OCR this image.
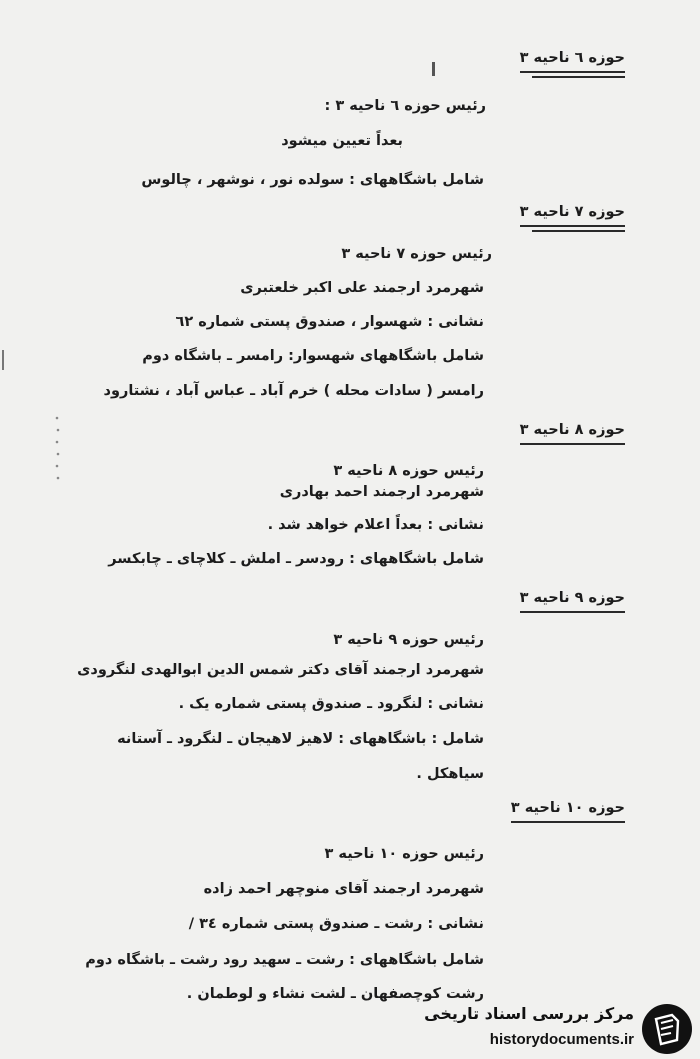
حوزه ٦ ناحیه ۳
رئیس حوزه ٦ ناحیه ۳ :
بعداً تعیین میشود
شامل باشگاههای : سولده نور ، نوشهر ، چالوس
حوزه ۷ ناحیه ۳
رئیس حوزه ۷ ناحیه ۳
شهرمرد ارجمند علی اکبر خلعتبری
نشانی : شهسوار ، صندوق پستی شماره ٦۲
شامل باشگاههای شهسوار: رامسر ـ باشگاه دوم
رامسر ( سادات محله ) خرم آباد ـ عباس آباد ، نشتارود
حوزه ۸ ناحیه ۳
رئیس حوزه ۸ ناحیه ۳
شهرمرد ارجمند احمد بهادری
نشانی : بعداً اعلام خواهد شد .
شامل باشگاههای : رودسر ـ املش ـ کلاچای ـ چابکسر
حوزه ۹ ناحیه ۳
رئیس حوزه ۹ ناحیه ۳
شهرمرد ارجمند آقای دکتر شمس الدین ابوالهدی لنگرودی
نشانی : لنگرود ـ صندوق پستی شماره یک .
شامل : باشگاههای : لاهیز لاهیجان ـ لنگرود ـ آستانه
سیاهکل .
حوزه ۱۰ ناحیه ۳
رئیس حوزه ۱۰ ناحیه ۳
شهرمرد ارجمند آقای منوچهر احمد زاده
نشانی : رشت ـ صندوق پستی شماره ۳٤ /
شامل باشگاههای : رشت ـ سهید رود رشت ـ باشگاه دوم
رشت کوچصفهان ـ لشت نشاء و لوطمان .
مرکز بررسی اسناد تاریخی
historydocuments.ir
